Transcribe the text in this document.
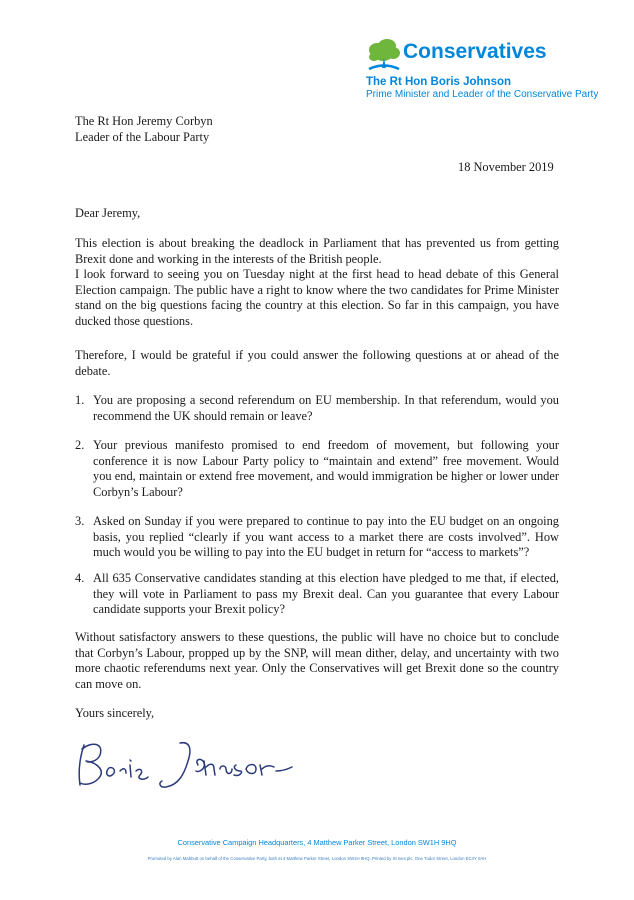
Conservatives
The Rt Hon Boris Johnson
Prime Minister and Leader of the Conservative Party
The Rt Hon Jeremy Corbyn
Leader of the Labour Party
18 November 2019
Dear Jeremy,
This election is about breaking the deadlock in Parliament that has prevented us from getting Brexit done and working in the interests of the British people.
I look forward to seeing you on Tuesday night at the first head to head debate of this General Election campaign. The public have a right to know where the two candidates for Prime Minister stand on the big questions facing the country at this election. So far in this campaign, you have ducked those questions.
Therefore, I would be grateful if you could answer the following questions at or ahead of the debate.
1. You are proposing a second referendum on EU membership. In that referendum, would you recommend the UK should remain or leave?
2. Your previous manifesto promised to end freedom of movement, but following your conference it is now Labour Party policy to “maintain and extend” free movement. Would you end, maintain or extend free movement, and would immigration be higher or lower under Corbyn’s Labour?
3. Asked on Sunday if you were prepared to continue to pay into the EU budget on an ongoing basis, you replied “clearly if you want access to a market there are costs involved”. How much would you be willing to pay into the EU budget in return for “access to markets”?
4. All 635 Conservative candidates standing at this election have pledged to me that, if elected, they will vote in Parliament to pass my Brexit deal. Can you guarantee that every Labour candidate supports your Brexit policy?
Without satisfactory answers to these questions, the public will have no choice but to conclude that Corbyn’s Labour, propped up by the SNP, will mean dither, delay, and uncertainty with two more chaotic referendums next year. Only the Conservatives will get Brexit done so the country can move on.
Yours sincerely,
Conservative Campaign Headquarters, 4 Matthew Parker Street, London SW1H 9HQ
Promoted by Alan Mabbutt on behalf of the Conservative Party, both at 4 Matthew Parker Street, London SW1H 9HQ. Printed by St Ives plc, One Tudor Street, London EC4Y 0AH
